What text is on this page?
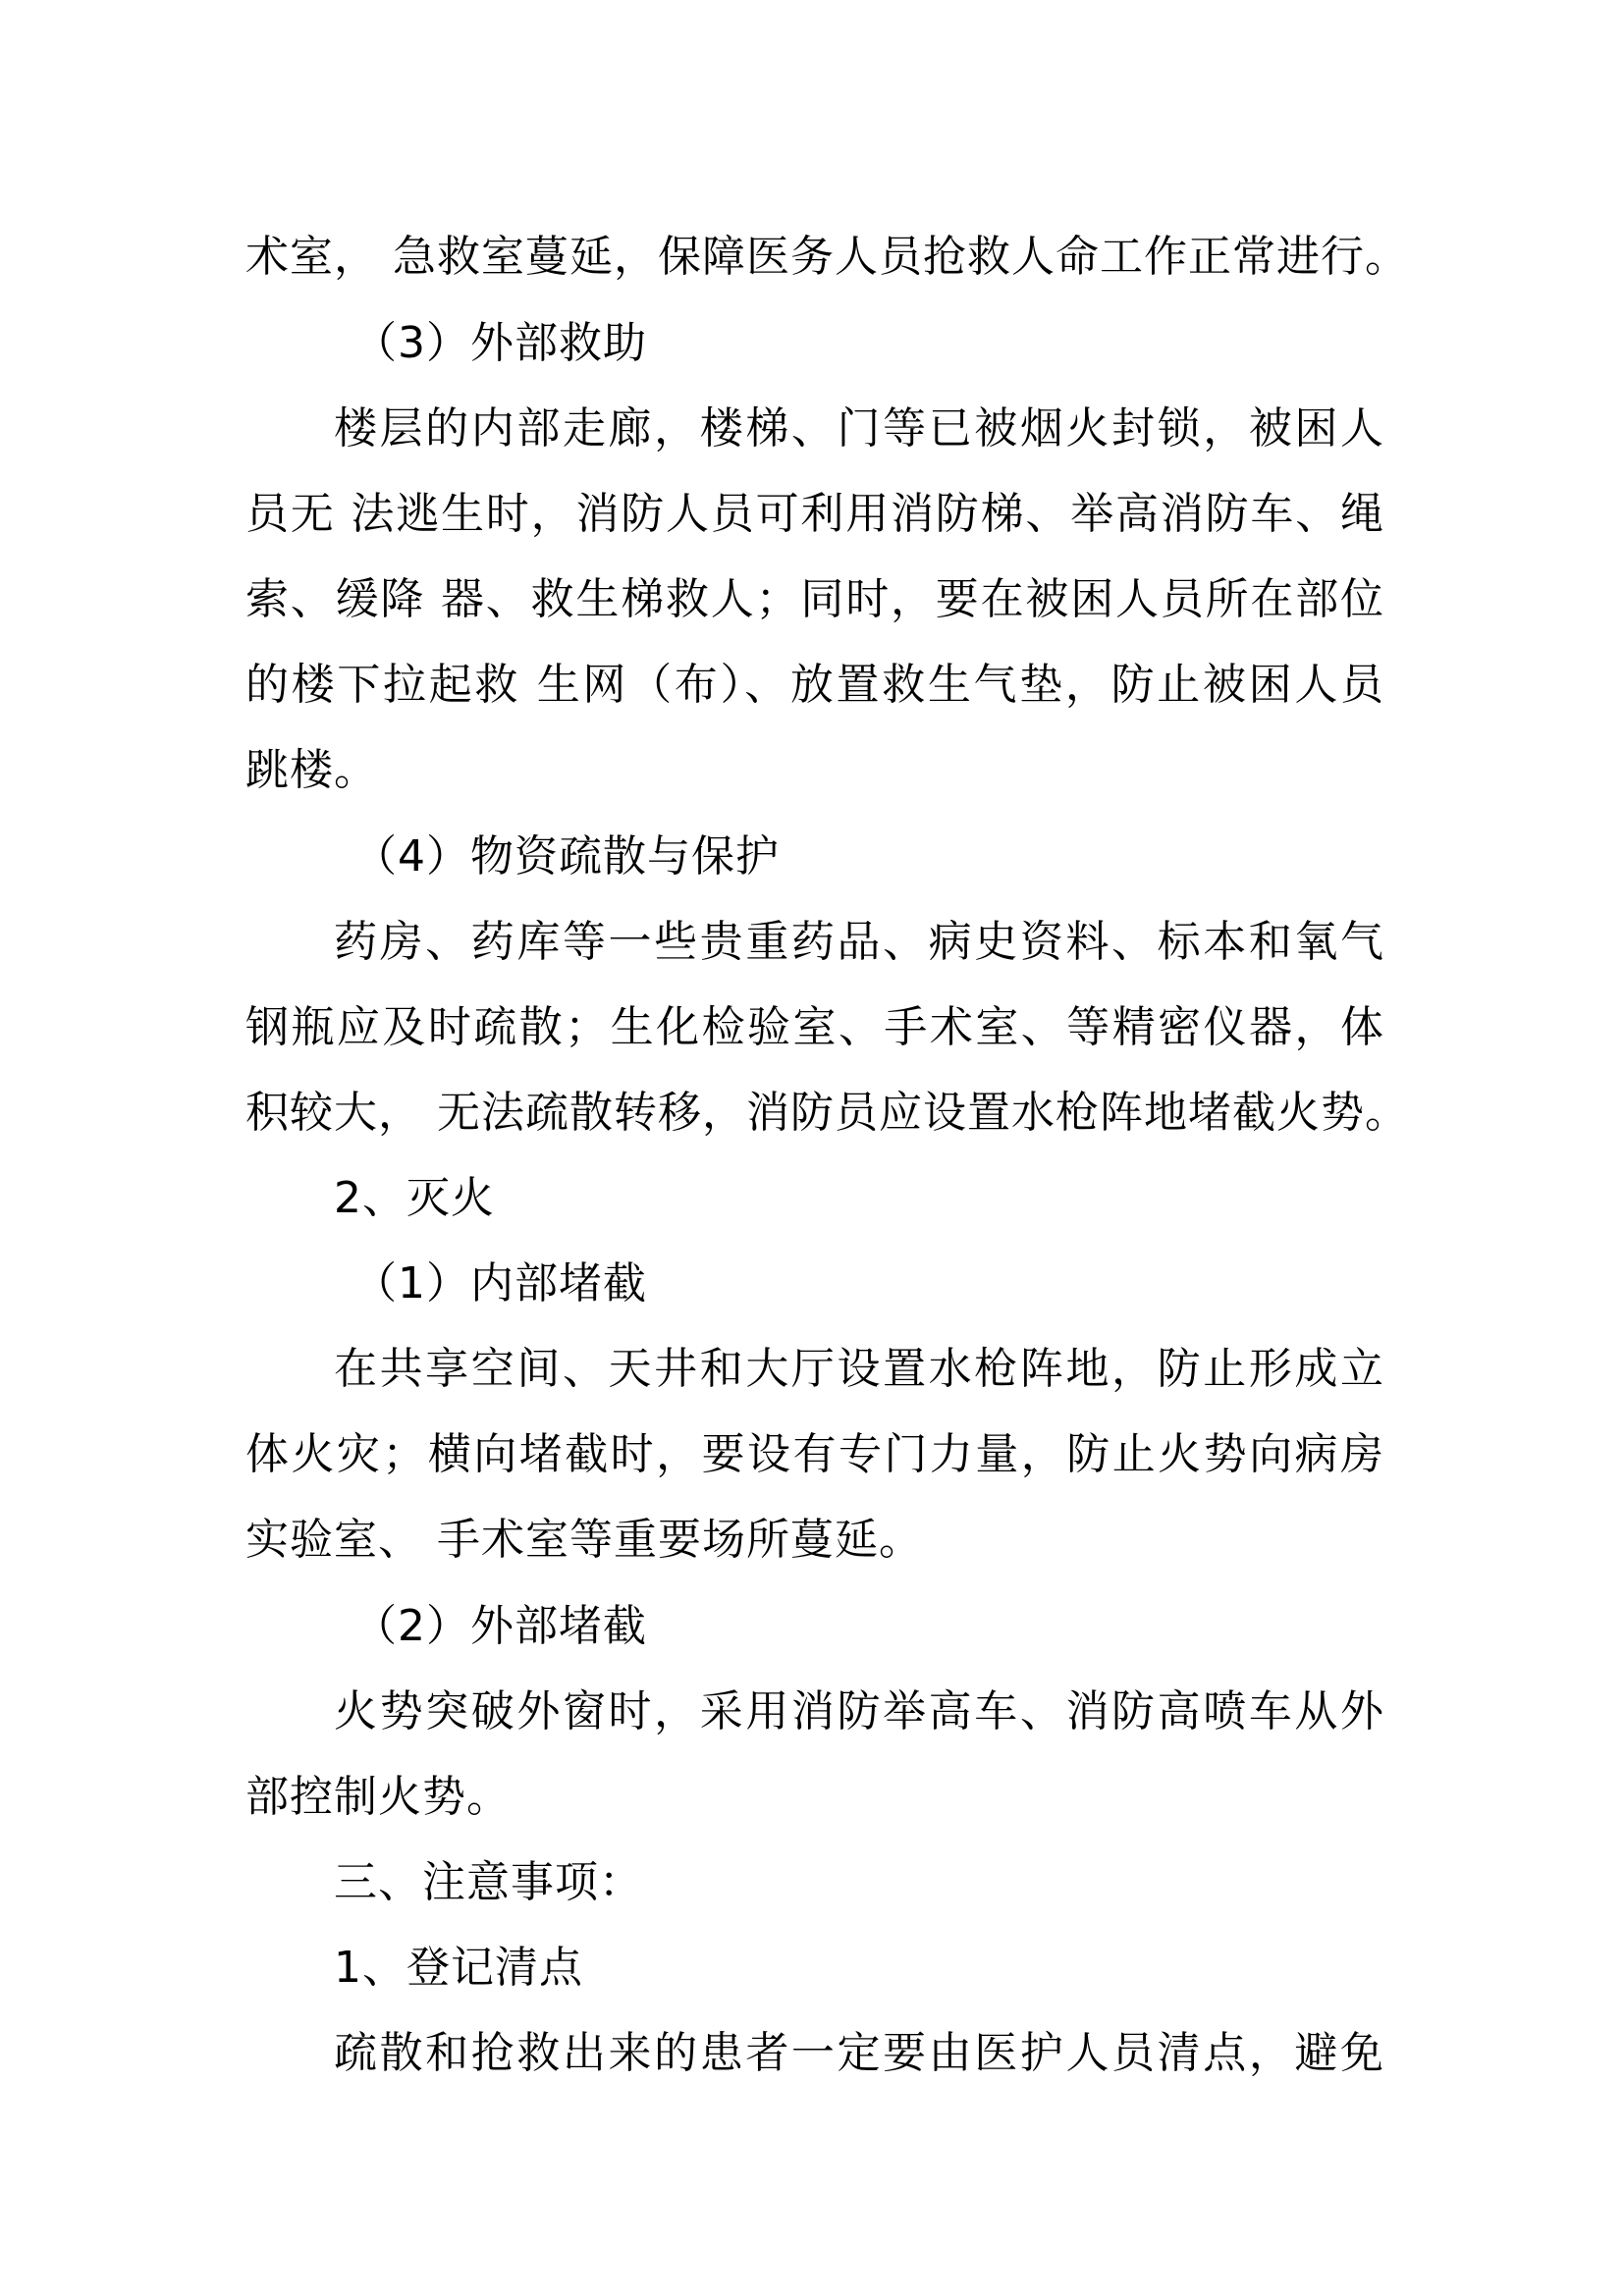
术室， 急救室蔓延，保障医务人员抢救人命工作正常进行。
（3）外部救助
楼层的内部走廊，楼梯、门等已被烟火封锁，被困人
员无 法逃生时，消防人员可利用消防梯、举高消防车、绳
索、缓降 器、救生梯救人；同时，要在被困人员所在部位
的楼下拉起救 生网（布）、放置救生气垫，防止被困人员
跳楼。
（4）物资疏散与保护
药房、药库等一些贵重药品、病史资料、标本和氧气
钢瓶应及时疏散；生化检验室、手术室、等精密仪器，体
积较大， 无法疏散转移，消防员应设置水枪阵地堵截火势。
2、灭火
（1）内部堵截
在共享空间、天井和大厅设置水枪阵地，防止形成立
体火灾；横向堵截时，要设有专门力量，防止火势向病房
实验室、 手术室等重要场所蔓延。
（2）外部堵截
火势突破外窗时，采用消防举高车、消防高喷车从外
部控制火势。
三、注意事项：
1、登记清点
疏散和抢救出来的患者一定要由医护人员清点，避免
